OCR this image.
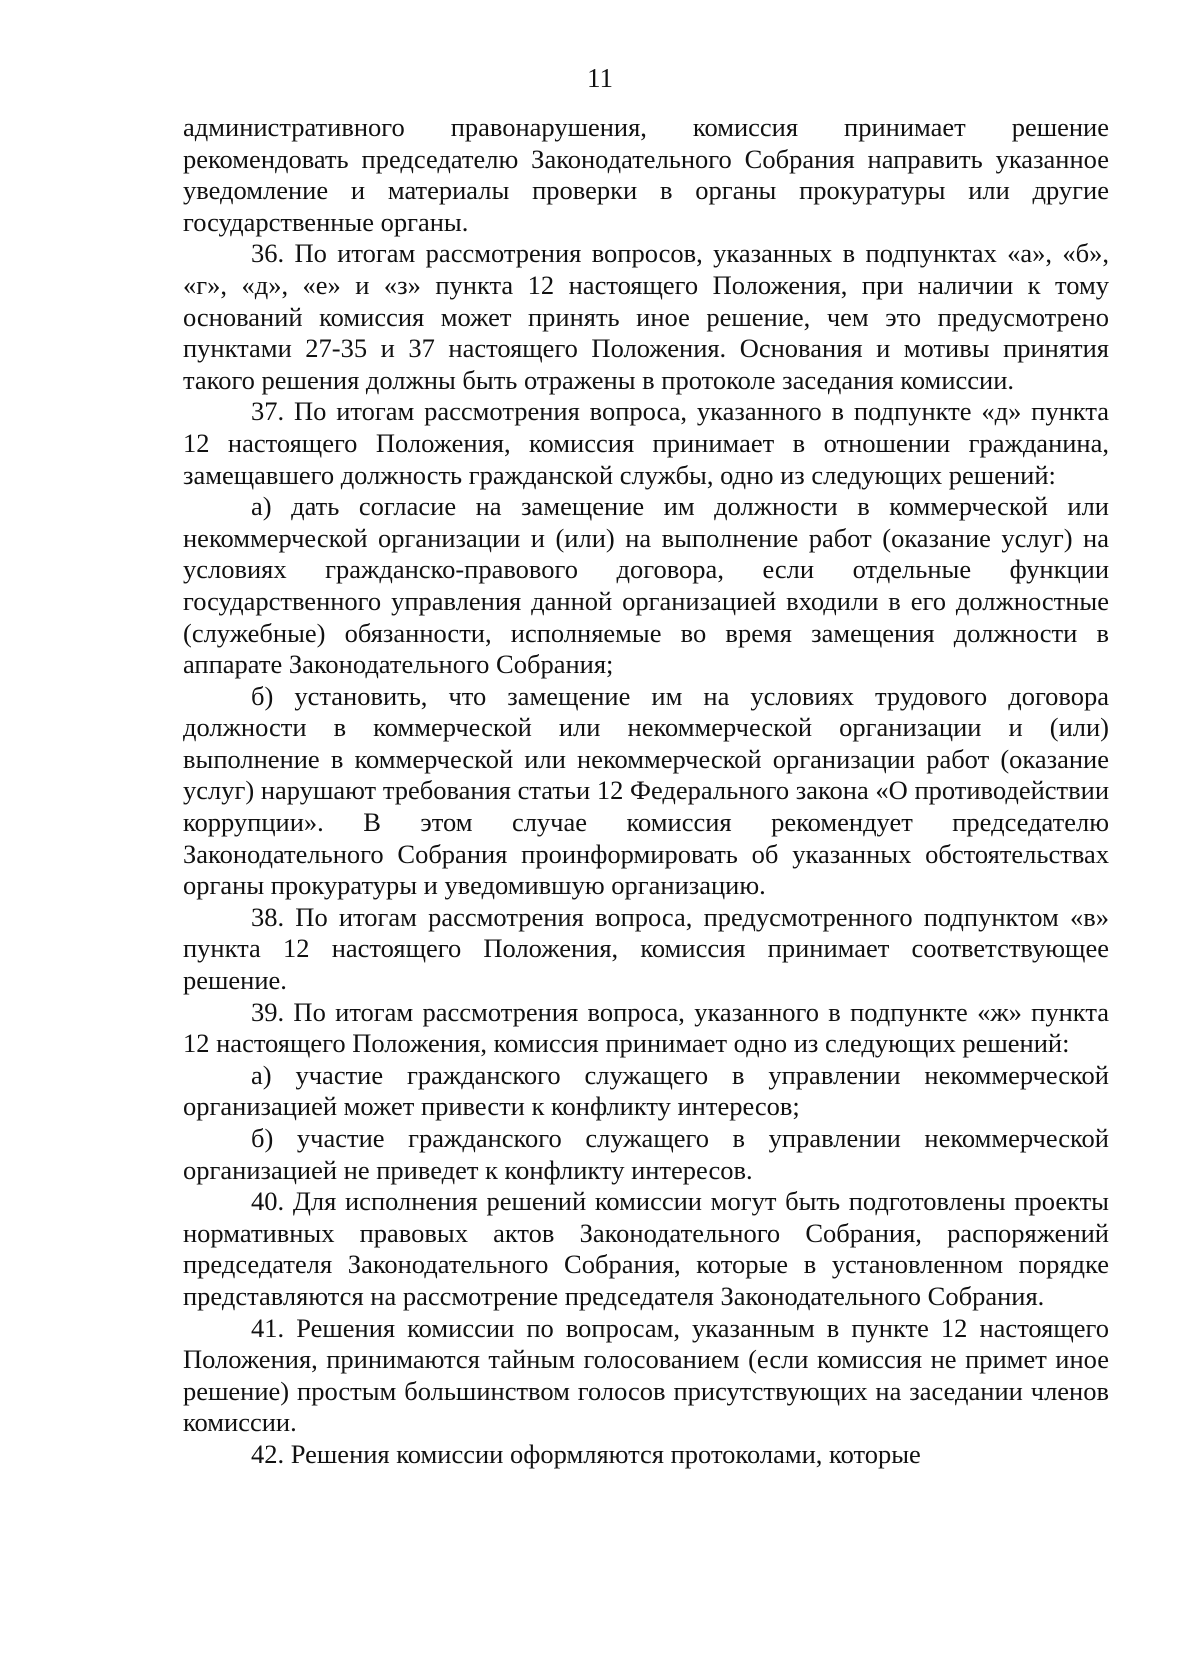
11

административного правонарушения, комиссия принимает решение рекомендовать председателю Законодательного Собрания направить указанное уведомление и материалы проверки в органы прокуратуры или другие государственные органы.

36. По итогам рассмотрения вопросов, указанных в подпунктах «а», «б», «г», «д», «е» и «з» пункта 12 настоящего Положения, при наличии к тому оснований комиссия может принять иное решение, чем это предусмотрено пунктами 27-35 и 37 настоящего Положения. Основания и мотивы принятия такого решения должны быть отражены в протоколе заседания комиссии.

37. По итогам рассмотрения вопроса, указанного в подпункте «д» пункта 12 настоящего Положения, комиссия принимает в отношении гражданина, замещавшего должность гражданской службы, одно из следующих решений:

а) дать согласие на замещение им должности в коммерческой или некоммерческой организации и (или) на выполнение работ (оказание услуг) на условиях гражданско-правового договора, если отдельные функции государственного управления данной организацией входили в его должностные (служебные) обязанности, исполняемые во время замещения должности в аппарате Законодательного Собрания;

б) установить, что замещение им на условиях трудового договора должности в коммерческой или некоммерческой организации и (или) выполнение в коммерческой или некоммерческой организации работ (оказание услуг) нарушают требования статьи 12 Федерального закона «О противодействии коррупции». В этом случае комиссия рекомендует председателю Законодательного Собрания проинформировать об указанных обстоятельствах органы прокуратуры и уведомившую организацию.

38. По итогам рассмотрения вопроса, предусмотренного подпунктом «в» пункта 12 настоящего Положения, комиссия принимает соответствующее решение.

39. По итогам рассмотрения вопроса, указанного в подпункте «ж» пункта 12 настоящего Положения, комиссия принимает одно из следующих решений:

а) участие гражданского служащего в управлении некоммерческой организацией может привести к конфликту интересов;

б) участие гражданского служащего в управлении некоммерческой организацией не приведет к конфликту интересов.

40. Для исполнения решений комиссии могут быть подготовлены проекты нормативных правовых актов Законодательного Собрания, распоряжений председателя Законодательного Собрания, которые в установленном порядке представляются на рассмотрение председателя Законодательного Собрания.

41. Решения комиссии по вопросам, указанным в пункте 12 настоящего Положения, принимаются тайным голосованием (если комиссия не примет иное решение) простым большинством голосов присутствующих на заседании членов комиссии.

42. Решения комиссии оформляются протоколами, которые
